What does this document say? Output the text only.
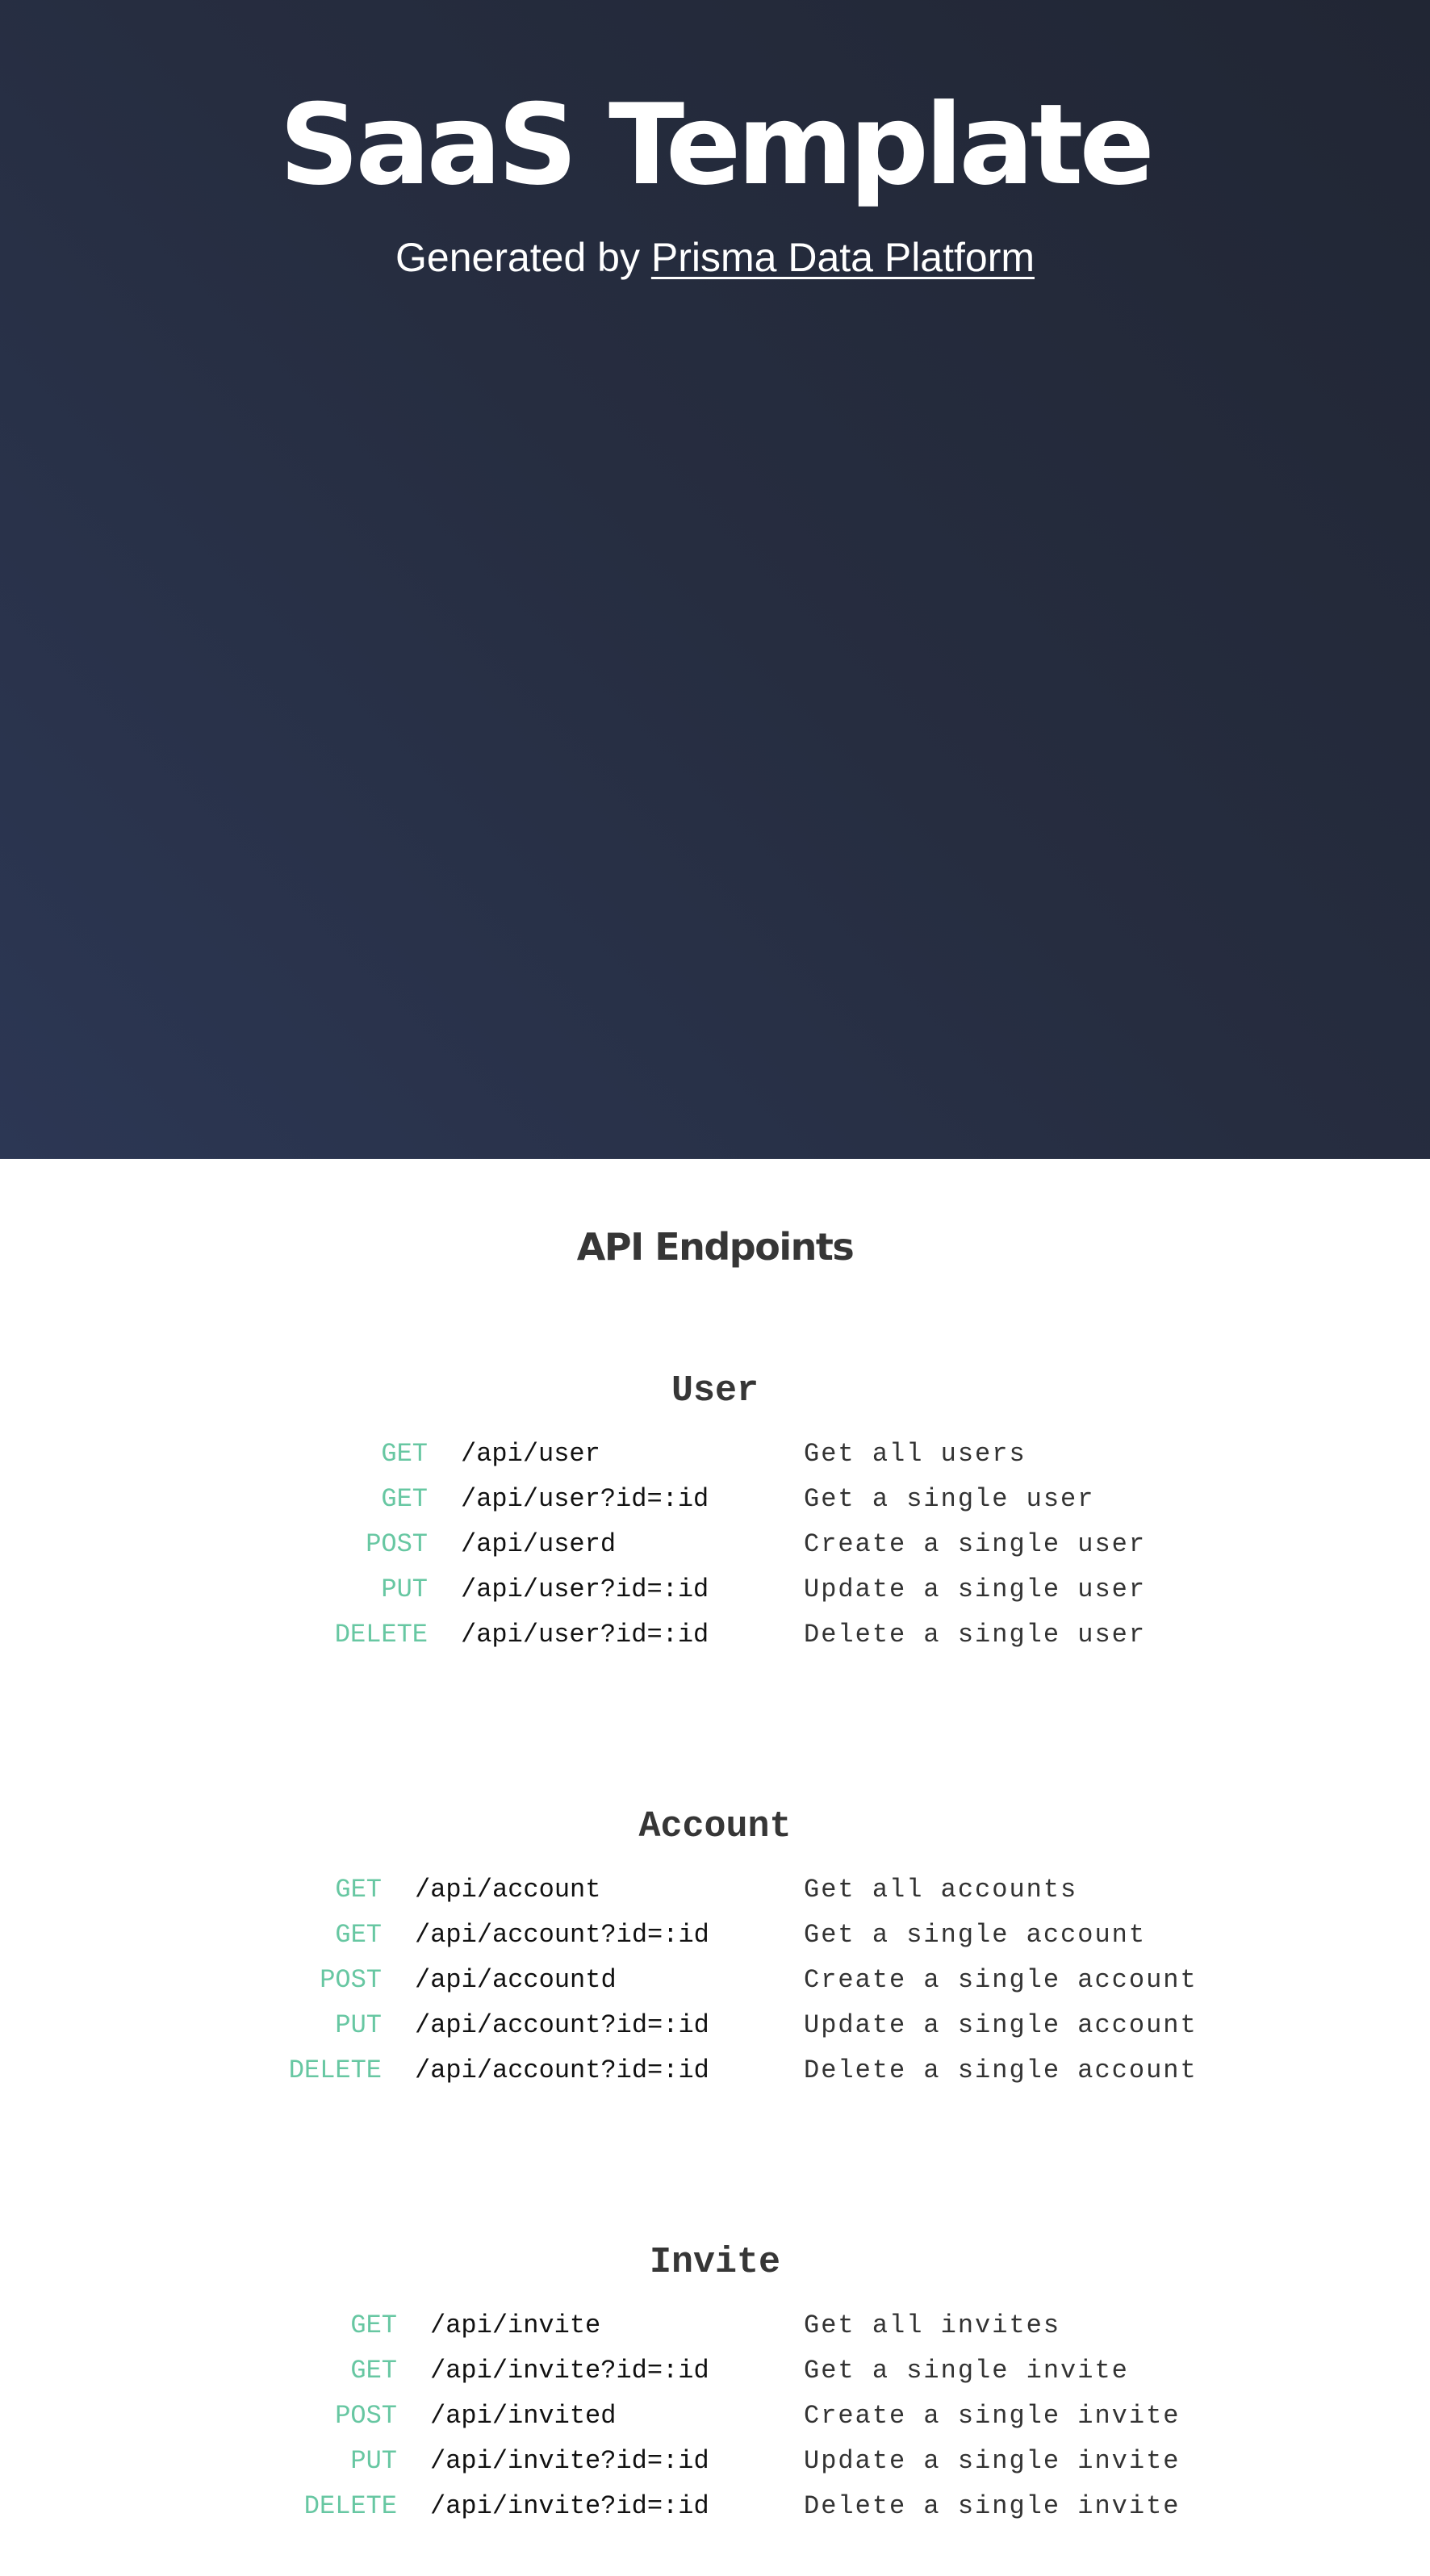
SaaS Template

Generated by Prisma Data Platform

API Endpoints
User
GET /api/user	Get all users
GET /api/user?id=:id	Get a single user
POST /api/userd	Create a single user
PUT /api/user?id=:id	Update a single user
DELETE /api/user?id=:id	Delete a single user
Account
GET /api/account	Get all accounts
GET /api/account?id=:id	Get a single account
POST /api/accountd	Create a single account
PUT /api/account?id=:id	Update a single account
DELETE /api/account?id=:id	Delete a single account
Invite
GET /api/invite	Get all invites
GET /api/invite?id=:id	Get a single invite
POST /api/invited	Create a single invite
PUT /api/invite?id=:id	Update a single invite
DELETE /api/invite?id=:id	Delete a single invite
